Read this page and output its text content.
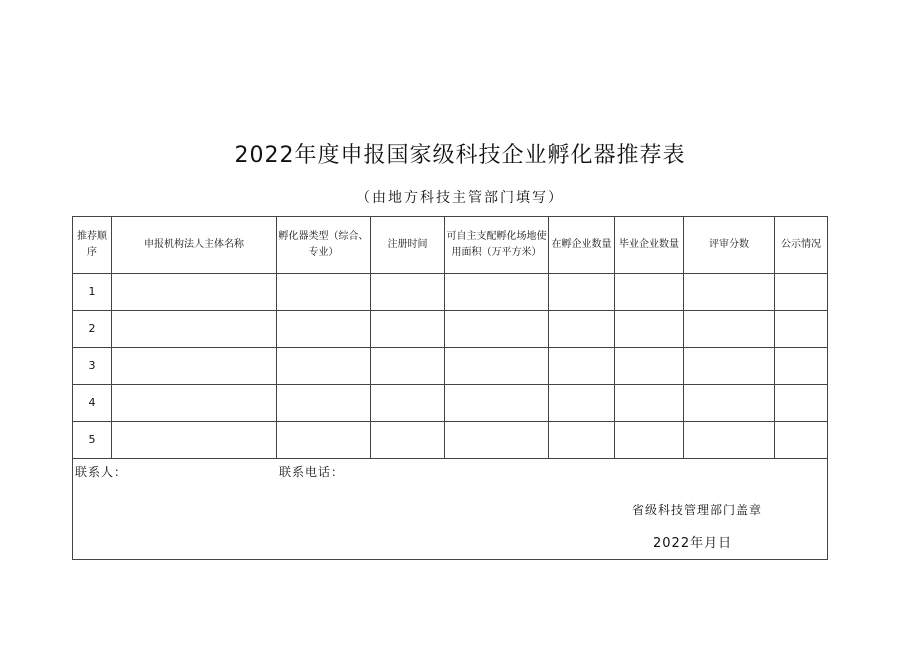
2022年度申报国家级科技企业孵化器推荐表
（由地方科技主管部门填写）
推荐顺序	申报机构法人主体名称	孵化器类型（综合、专业）	注册时间	可自主支配孵化场地使用面积（万平方米）	在孵企业数量	毕业企业数量	评审分数	公示情况
1								
2								
3								
4								
5								
联系人：	联系电话：
省级科技管理部门盖章
2022年月日
